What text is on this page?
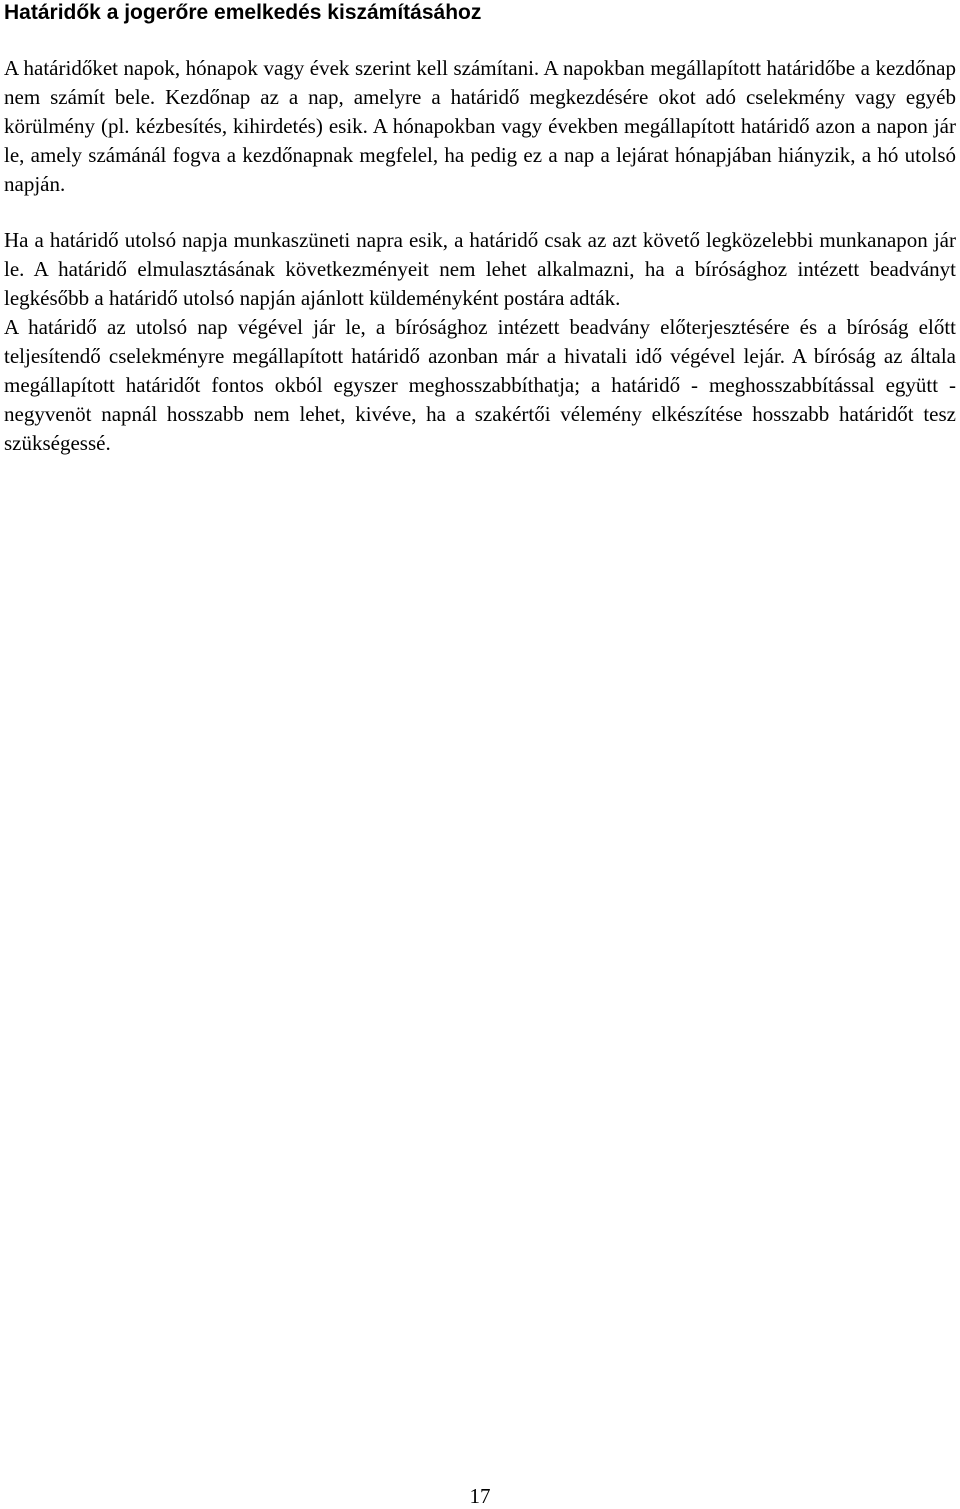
Határidők a jogerőre emelkedés kiszámításához

A határidőket napok, hónapok vagy évek szerint kell számítani. A napokban megállapított határidőbe a kezdőnap nem számít bele. Kezdőnap az a nap, amelyre a határidő megkezdésére okot adó cselekmény vagy egyéb körülmény (pl. kézbesítés, kihirdetés) esik. A hónapokban vagy években megállapított határidő azon a napon jár le, amely számánál fogva a kezdőnapnak megfelel, ha pedig ez a nap a lejárat hónapjában hiányzik, a hó utolsó napján.

Ha a határidő utolsó napja munkaszüneti napra esik, a határidő csak az azt követő legközelebbi munkanapon jár le. A határidő elmulasztásának következményeit nem lehet alkalmazni, ha a bírósághoz intézett beadványt legkésőbb a határidő utolsó napján ajánlott küldeményként postára adták.

A határidő az utolsó nap végével jár le, a bírósághoz intézett beadvány előterjesztésére és a bíróság előtt teljesítendő cselekményre megállapított határidő azonban már a hivatali idő végével lejár. A bíróság az általa megállapított határidőt fontos okból egyszer meghosszabbíthatja; a határidő - meghosszabbítással együtt - negyvenöt napnál hosszabb nem lehet, kivéve, ha a szakértői vélemény elkészítése hosszabb határidőt tesz szükségessé.

17
